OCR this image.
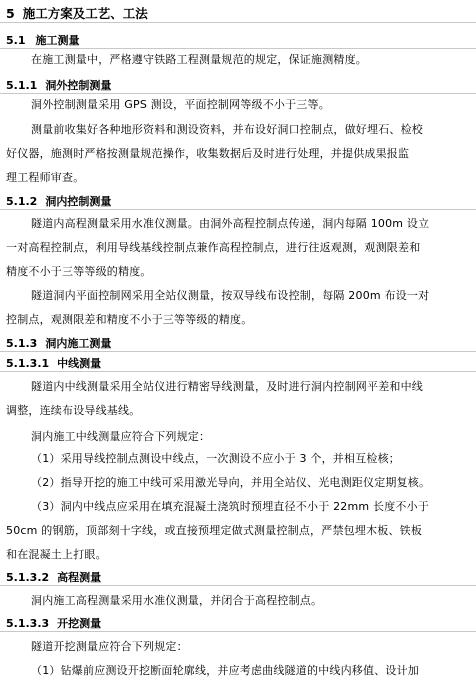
5 施工方案及工艺、工法
5.1 施工测量
在施工测量中，严格遵守铁路工程测量规范的规定，保证施测精度。
5.1.1 洞外控制测量
洞外控制测量采用 GPS 测设，平面控制网等级不小于三等。
测量前收集好各种地形资料和测设资料，并布设好洞口控制点，做好埋石、检校
好仪器，施测时严格按测量规范操作，收集数据后及时进行处理，并提供成果报监
理工程师审查。
5.1.2 洞内控制测量
隧道内高程测量采用水准仪测量。由洞外高程控制点传递，洞内每隔 100m 设立
一对高程控制点，利用导线基线控制点兼作高程控制点，进行往返观测，观测限差和
精度不小于三等等级的精度。
隧道洞内平面控制网采用全站仪测量，按双导线布设控制，每隔 200m 布设一对
控制点，观测限差和精度不小于三等等级的精度。
5.1.3 洞内施工测量
5.1.3.1 中线测量
隧道内中线测量采用全站仪进行精密导线测量，及时进行洞内控制网平差和中线
调整，连续布设导线基线。
洞内施工中线测量应符合下列规定：
（1）采用导线控制点测设中线点，一次测设不应小于 3 个，并相互检核；
（2）指导开挖的施工中线可采用激光导向，并用全站仪、光电测距仪定期复核。
（3）洞内中线点应采用在填充混凝土浇筑时预埋直径不小于 22mm 长度不小于
50cm 的钢筋，顶部刻十字线，或直接预埋定做式测量控制点，严禁包埋木板、铁板
和在混凝土上打眼。
5.1.3.2 高程测量
洞内施工高程测量采用水准仪测量，并闭合于高程控制点。
5.1.3.3 开挖测量
隧道开挖测量应符合下列规定：
（1）钻爆前应测设开挖断面轮廓线，并应考虑曲线隧道的中线内移值、设计加
